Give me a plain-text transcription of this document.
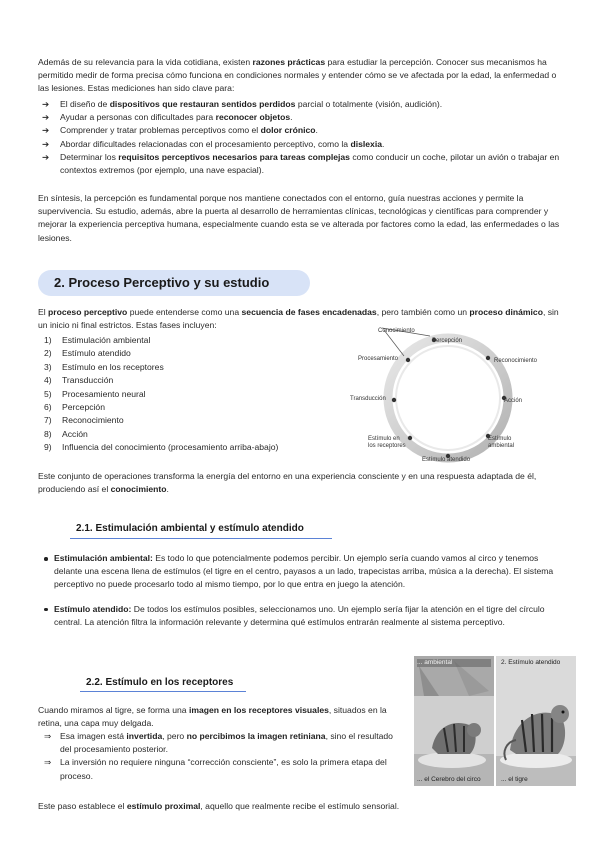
Además de su relevancia para la vida cotidiana, existen razones prácticas para estudiar la percepción. Conocer sus mecanismos ha permitido medir de forma precisa cómo funciona en condiciones normales y entender cómo se ve afectada por la edad, la enfermedad o las lesiones. Estas mediciones han sido clave para:

➔ El diseño de dispositivos que restauran sentidos perdidos parcial o totalmente (visión, audición).
➔ Ayudar a personas con dificultades para reconocer objetos.
➔ Comprender y tratar problemas perceptivos como el dolor crónico.
➔ Abordar dificultades relacionadas con el procesamiento perceptivo, como la dislexia.
➔ Determinar los requisitos perceptivos necesarios para tareas complejas como conducir un coche, pilotar un avión o trabajar en contextos extremos (por ejemplo, una nave espacial).

En síntesis, la percepción es fundamental porque nos mantiene conectados con el entorno, guía nuestras acciones y permite la supervivencia. Su estudio, además, abre la puerta al desarrollo de herramientas clínicas, tecnológicas y científicas para comprender y mejorar la experiencia perceptiva humana, especialmente cuando esta se ve alterada por factores como la edad, las enfermedades o las lesiones.

2. Proceso Perceptivo y su estudio

El proceso perceptivo puede entenderse como una secuencia de fases encadenadas, pero también como un proceso dinámico, sin un inicio ni final estrictos. Estas fases incluyen:

1) Estimulación ambiental
2) Estímulo atendido
3) Estímulo en los receptores
4) Transducción
5) Procesamiento neural
6) Percepción
7) Reconocimiento
8) Acción
9) Influencia del conocimiento (procesamiento arriba-abajo)
Conocimiento
Percepción
Reconocimiento
Acción
Estímulo ambiental
Estímulo atendido
Estímulo en los receptores
Transducción
Procesamiento

Este conjunto de operaciones transforma la energía del entorno en una experiencia consciente y en una respuesta adaptada de él, produciendo así el conocimiento.

2.1. Estimulación ambiental y estímulo atendido
Estimulación ambiental: Es todo lo que potencialmente podemos percibir. Un ejemplo sería cuando vamos al circo y tenemos delante una escena llena de estímulos (el tigre en el centro, payasos a un lado, trapecistas arriba, música a la derecha). El sistema perceptivo no puede procesarlo todo al mismo tiempo, por lo que entra en juego la atención.
Estímulo atendido: De todos los estímulos posibles, seleccionamos uno. Un ejemplo sería fijar la atención en el tigre del círculo central. La atención filtra la información relevante y determina qué estímulos entrarán realmente al sistema perceptivo.
2.2. Estímulo en los receptores

Cuando miramos al tigre, se forma una imagen en los receptores visuales, situados en la retina, una capa muy delgada.

⇒ Esa imagen está invertida, pero no percibimos la imagen retiniana, sino el resultado del procesamiento posterior.
⇒ La inversión no requiere ninguna “corrección consciente”, es solo la primera etapa del proceso.

Este paso establece el estímulo proximal, aquello que realmente recibe el estímulo sensorial.

... ambiental
... el Cerebro del circo
2. Estímulo atendido
... el tigre
